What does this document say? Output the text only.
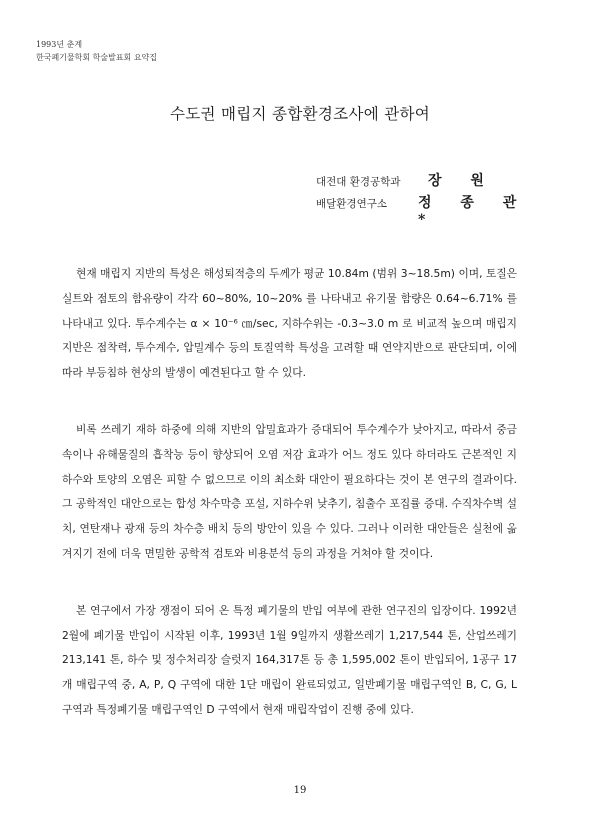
1993년 춘계
한국폐기물학회 학술발표회 요약집
수도권 매립지 종합환경조사에 관하여
대전대 환경공학과	장 원
배달환경연구소	정 종 관*

현재 매립지 지반의 특성은 해성퇴적층의 두께가 평균 10.84m (범위 3~18.5m) 이며, 토질은 실트와 점토의 함유량이 각각 60~80%, 10~20% 를 나타내고 유기물 함량은 0.64~6.71% 를 나타내고 있다. 투수계수는 α × 10⁻⁶ ㎝/sec, 지하수위는 -0.3~3.0 m 로 비교적 높으며 매립지 지반은 점착력, 투수계수, 압밀계수 등의 토질역학 특성을 고려할 때 연약지반으로 판단되며, 이에 따라 부등침하 현상의 발생이 예견된다고 할 수 있다.

비록 쓰레기 재하 하중에 의해 지반의 압밀효과가 증대되어 투수계수가 낮아지고, 따라서 중금속이나 유해물질의 흡착능 등이 향상되어 오염 저감 효과가 어느 정도 있다 하더라도 근본적인 지하수와 토양의 오염은 피할 수 없으므로 이의 최소화 대안이 필요하다는 것이 본 연구의 결과이다. 그 공학적인 대안으로는 합성 차수막층 포설, 지하수위 낮추기, 침출수 포집률 증대. 수직차수벽 설치, 연탄재나 광재 등의 차수층 배치 등의 방안이 있을 수 있다. 그러나 이러한 대안들은 실천에 옮겨지기 전에 더욱 면밀한 공학적 검토와 비용분석 등의 과정을 거쳐야 할 것이다.

본 연구에서 가장 쟁점이 되어 온 특정 폐기물의 반입 여부에 관한 연구진의 입장이다. 1992년 2월에 폐기물 반입이 시작된 이후, 1993년 1월 9일까지 생활쓰레기 1,217,544 톤, 산업쓰레기 213,141 톤, 하수 및 정수처리장 슬럿지 164,317톤 등 총 1,595,002 톤이 반입되어, 1공구 17개 매립구역 중, A, P, Q 구역에 대한 1단 매립이 완료되었고, 일반폐기물 매립구역인 B, C, G, L 구역과 특정폐기물 매립구역인 D 구역에서 현재 매립작업이 진행 중에 있다.

19
